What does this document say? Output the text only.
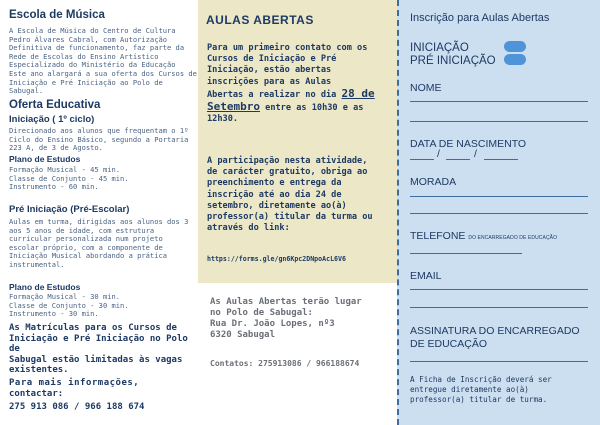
Escola de Música
A Escola de Música do Centro de Cultura
Pedro Álvares Cabral, com Autorização
Definitiva de funcionamento, faz parte da
Rede de Escolas do Ensino Artístico
Especializado do Ministério da Educação
Este ano alargará a sua oferta dos Cursos de
Iniciação e Pré Iniciação ao Polo de Sabugal.
Oferta Educativa
Iniciação ( 1º ciclo)
Direcionado aos alunos que frequentam o 1º
Ciclo do Ensino Básico, segundo a Portaria
223 A, de 3 de Agosto.
Plano de Estudos
Formação Musical - 45 min.
Classe de Conjunto - 45 min.
Instrumento - 60 min.
Pré Iniciação (Pré-Escolar)
Aulas em turma, dirigidas aos alunos dos 3
aos 5 anos de idade, com estrutura
curricular personalizada num projeto
escolar próprio, com a componente de
Iniciação Musical abordando a prática
instrumental.
Plano de Estudos
Formação Musical - 30 min.
Classe de Conjunto - 30 min.
Instrumento - 30 min.
As Matrículas para os Cursos de
Iniciação e Pré Iniciação no Polo de
Sabugal estão limitadas às vagas
existentes.
Para mais informações,
contactar:
275 913 086 / 966 188 674
AULAS ABERTAS
Para um primeiro contato com os
Cursos de Iniciação e Pré
Iniciação, estão abertas
inscrições para as Aulas
Abertas a realizar no dia 28 de
Setembro entre as 10h30 e as
12h30.
A participação nesta atividade,
de carácter gratuito, obriga ao
preenchimento e entrega da
inscrição até ao dia 24 de
setembro, diretamente ao(à)
professor(a) titular da turma ou
através do link:
https://forms.gle/gn6Kpc2DNpoAcL6V6
As Aulas Abertas terão lugar
no Polo de Sabugal:
Rua Dr. João Lopes, nº3
6320 Sabugal
Contatos: 275913086 / 966188674
Inscrição para Aulas Abertas
INICIAÇÃO
PRÉ INICIAÇÃO
NOME
DATA DE NASCIMENTO
/	/
MORADA
TELEFONE DO ENCARREGADO DE EDUCAÇÃO
EMAIL
ASSINATURA DO ENCARREGADO
DE EDUCAÇÃO
A Ficha de Inscrição deverá ser
entregue diretamente ao(à)
professor(a) titular de turma.
